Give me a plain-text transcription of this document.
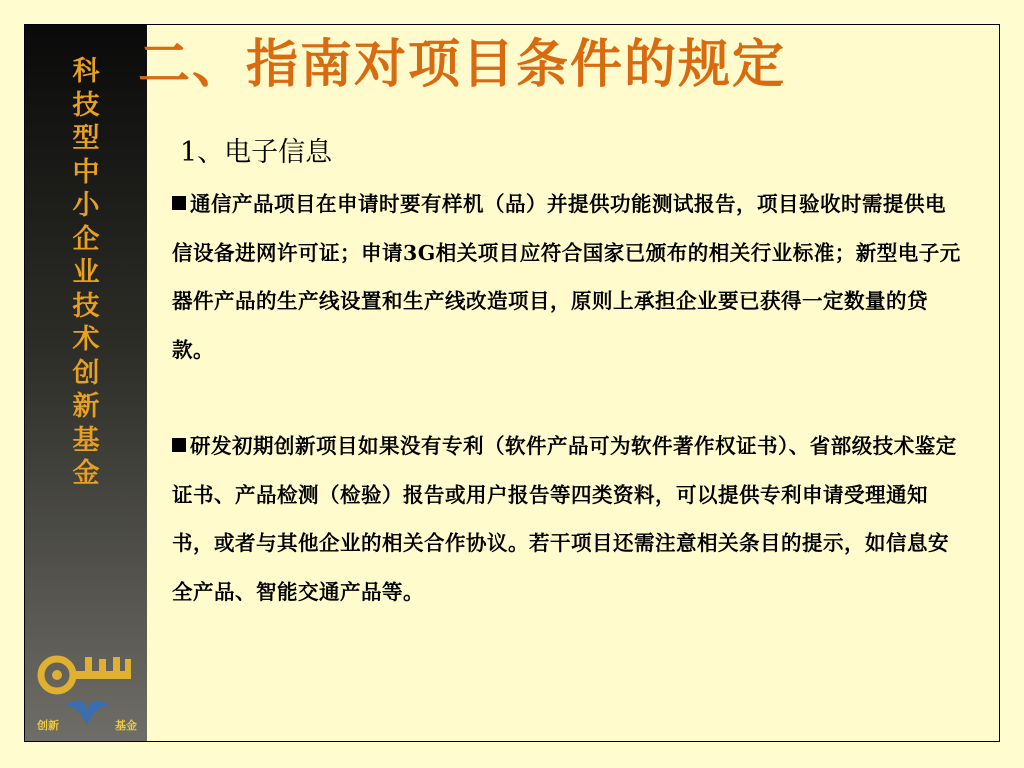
科
技
型
中
小
企
业
技
术
创
新
基
金
创新	基金
二、指南对项目条件的规定
1、电子信息
通信产品项目在申请时要有样机（品）并提供功能测试报告，项目验收时需提供电信设备进网许可证；申请3G相关项目应符合国家已颁布的相关行业标准；新型电子元器件产品的生产线设置和生产线改造项目，原则上承担企业要已获得一定数量的贷款。
研发初期创新项目如果没有专利（软件产品可为软件著作权证书）、省部级技术鉴定证书、产品检测（检验）报告或用户报告等四类资料，可以提供专利申请受理通知书，或者与其他企业的相关合作协议。若干项目还需注意相关条目的提示，如信息安全产品、智能交通产品等。
